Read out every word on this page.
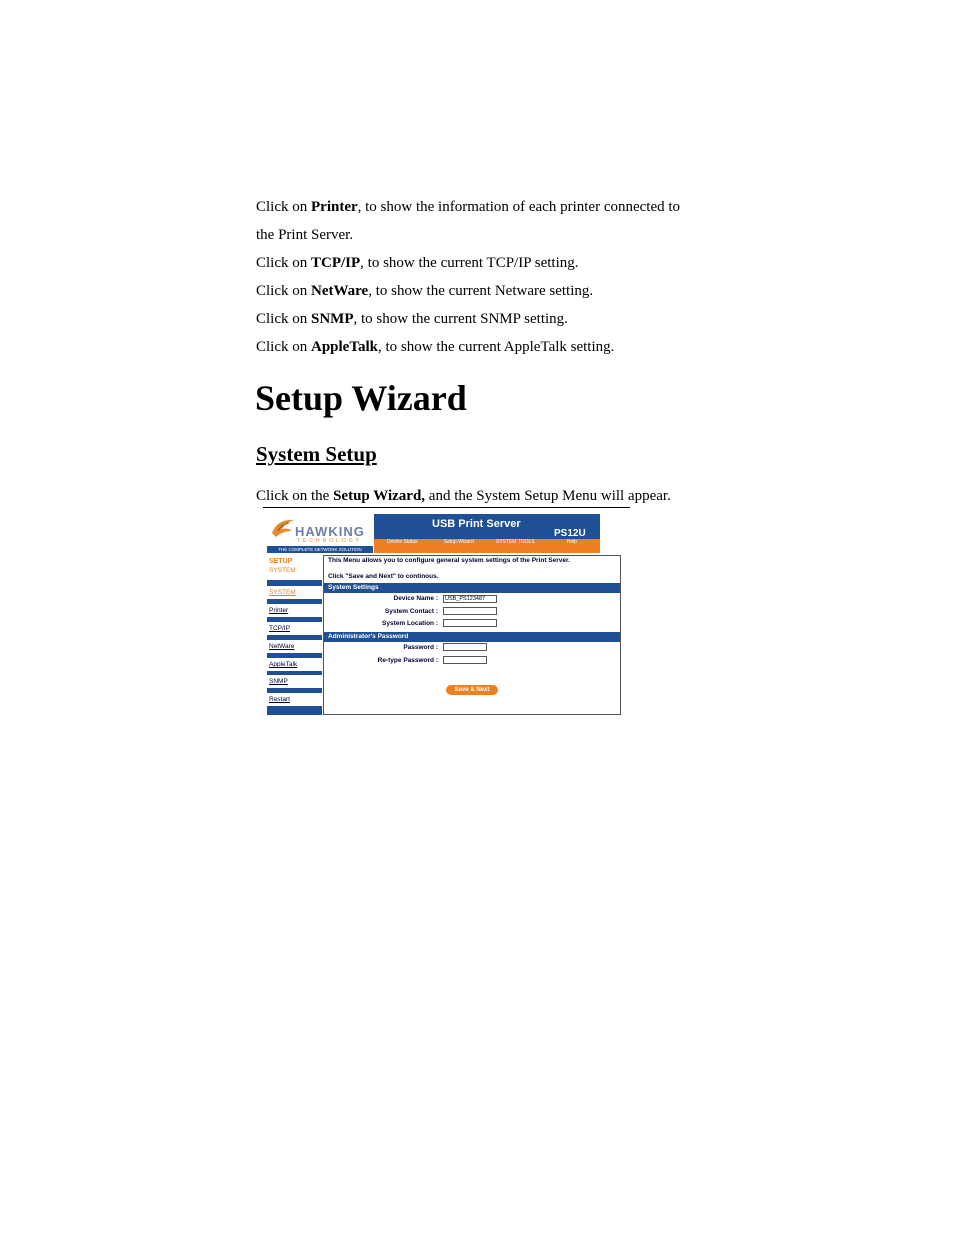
Click on Printer, to show the information of each printer connected to
the Print Server.
Click on TCP/IP, to show the current TCP/IP setting.
Click on NetWare, to show the current Netware setting.
Click on SNMP, to show the current SNMP setting.
Click on AppleTalk, to show the current AppleTalk setting.
Setup Wizard
System Setup
Click on the Setup Wizard, and the System Setup Menu will appear.
HAWKING
TECHNOLOGY
THE COMPLETE NETWORK SOLUTION
USB Print Server
PS12U
Device Status	Setup Wizard	SYSTEM TOOLS	Help
SETUP
SYSTEM
SYSTEM
Printer
TCP/IP
NetWare
AppleTalk
SNMP
Restart
This Menu allows you to configure general system settings of the Print Server.
Click "Save and Next" to continous.
System Settings
Device Name :
USB_PS123487
System Contact :
System Location :
Administrator's Password
Password :
Re-type Password :
Save & Next
